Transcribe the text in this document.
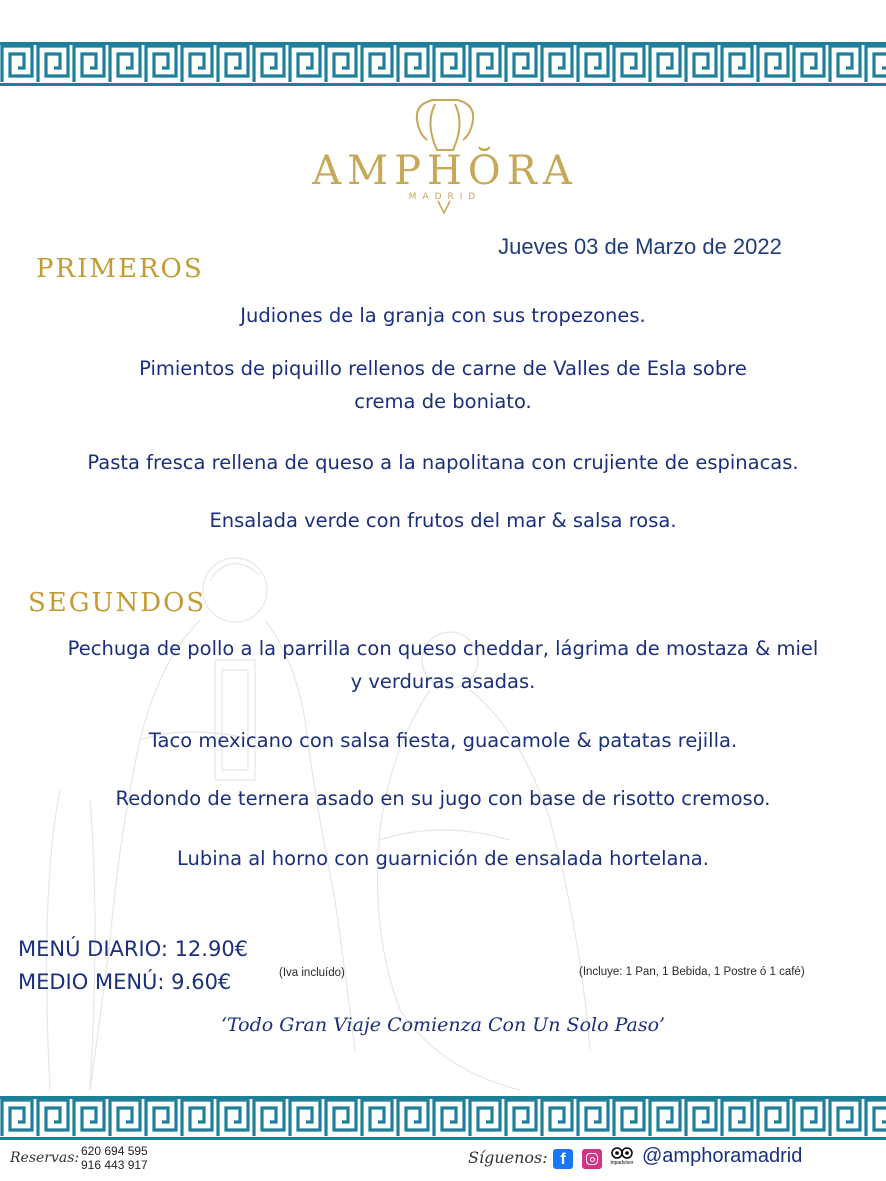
AMPHŎRA
MADRID
Jueves 03 de Marzo de 2022
PRIMEROS
Judiones de la granja con sus tropezones.
Pimientos de piquillo rellenos de carne de Valles de Esla sobre
crema de boniato.
Pasta fresca rellena de queso a la napolitana con crujiente de espinacas.
Ensalada verde con frutos del mar & salsa rosa.
SEGUNDOS
Pechuga de pollo a la parrilla con queso cheddar, lágrima de mostaza & miel
y verduras asadas.
Taco mexicano con salsa fiesta, guacamole & patatas rejilla.
Redondo de ternera asado en su jugo con base de risotto cremoso.
Lubina al horno con guarnición de ensalada hortelana.
MENÚ DIARIO: 12.90€
MEDIO MENÚ: 9.60€	(Iva incluído)	(Incluye: 1 Pan, 1 Bebida, 1 Postre ó 1 café)
‘Todo Gran Viaje Comienza Con Un Solo Paso’
Reservas: 620 694 595
916 443 917	Síguenos: f	tripadvisor @amphoramadrid
